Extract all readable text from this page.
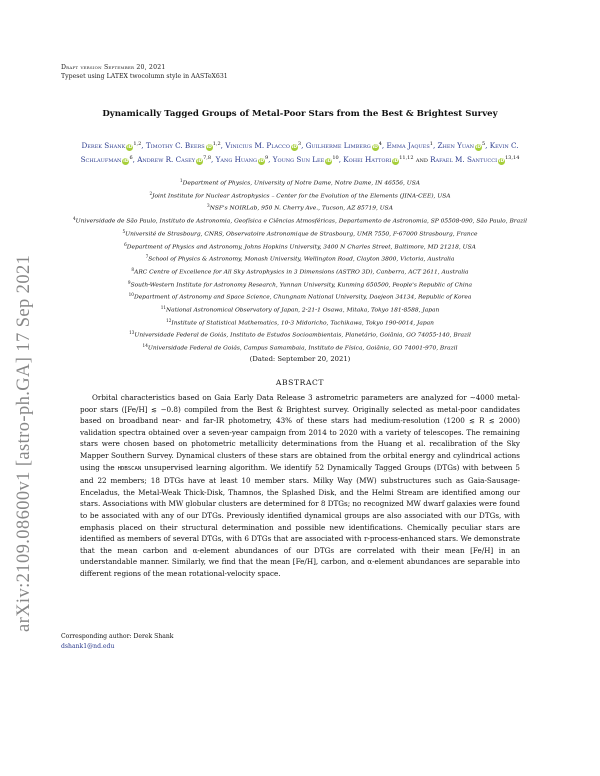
Draft version September 20, 2021
Typeset using LATEX twocolumn style in AASTeX631
arXiv:2109.08600v1 [astro-ph.GA] 17 Sep 2021
Dynamically Tagged Groups of Metal-Poor Stars from the Best & Brightest Survey
Derek Shank iD$^{1,2}$, Timothy C. Beers iD$^{1,2}$, Vinicius M. Placco $iD^3$, Guilherme Limberg $iD^4$, Emma Jaques$^1$, Zhen Yuan $iD^5$, Kevin C. Schlaufman $iD^6$, Andrew R. Casey iD$^{7,8}$, Yang Huang $iD^9$, Young Sun Lee $iD^{10}$, Kohei Hattori iD$^{11,12}$ and Rafael M. Santucci iD$^{13,14}$
$^1$Department of Physics, University of Notre Dame, Notre Dame, IN 46556, USA
$^2$Joint Institute for Nuclear Astrophysics – Center for the Evolution of the Elements (JINA-CEE), USA
$^3$NSF's NOIRLab, 950 N. Cherry Ave., Tucson, AZ 85719, USA
$^4$Universidade de São Paulo, Instituto de Astronomia, Geofísica e Ciências Atmosféricas, Departamento de Astronomia, SP 05508-090, São Paulo, Brazil
$^5$Université de Strasbourg, CNRS, Observatoire Astronomique de Strasbourg, UMR 7550, F-67000 Strasbourg, France
$^6$Department of Physics and Astronomy, Johns Hopkins University, 3400 N Charles Street, Baltimore, MD 21218, USA
$^7$School of Physics & Astronomy, Monash University, Wellington Road, Clayton 3800, Victoria, Australia
$^8$ARC Centre of Excellence for All Sky Astrophysics in 3 Dimensions (ASTRO 3D), Canberra, ACT 2611, Australia
$^9$South-Western Institute for Astronomy Research, Yunnan University, Kunming 650500, People's Republic of China
$^{10}$Department of Astronomy and Space Science, Chungnam National University, Daejeon 34134, Republic of Korea
$^{11}$National Astronomical Observatory of Japan, 2-21-1 Osawa, Mitaka, Tokyo 181-8588, Japan
$^{12}$Institute of Statistical Mathematics, 10-3 Midoricho, Tachikawa, Tokyo 190-0014, Japan
$^{13}$Universidade Federal de Goiás, Instituto de Estudos Socioambientais, Planetário, Goiânia, GO 74055-140, Brazil
$^{14}$Universidade Federal de Goiás, Campus Samambaia, Instituto de Física, Goiânia, GO 74001-970, Brazil
(Dated: September 20, 2021)
ABSTRACT
Orbital characteristics based on Gaia Early Data Release 3 astrometric parameters are analyzed for ∼4000 metal-poor stars ([Fe/H] ≲ −0.8) compiled from the Best & Brightest survey. Originally selected as metal-poor candidates based on broadband near- and far-IR photometry, 43% of these stars had medium-resolution (1200 ≲ R ≲ 2000) validation spectra obtained over a seven-year campaign from 2014 to 2020 with a variety of telescopes. The remaining stars were chosen based on photometric metallicity determinations from the Huang et al. recalibration of the Sky Mapper Southern Survey. Dynamical clusters of these stars are obtained from the orbital energy and cylindrical actions using the HDBSCAN unsupervised learning algorithm. We identify 52 Dynamically Tagged Groups (DTGs) with between 5 and 22 members; 18 DTGs have at least 10 member stars. Milky Way (MW) substructures such as Gaia-Sausage-Enceladus, the Metal-Weak Thick-Disk, Thamnos, the Splashed Disk, and the Helmi Stream are identified among our stars. Associations with MW globular clusters are determined for 8 DTGs; no recognized MW dwarf galaxies were found to be associated with any of our DTGs. Previously identified dynamical groups are also associated with our DTGs, with emphasis placed on their structural determination and possible new identifications. Chemically peculiar stars are identified as members of several DTGs, with 6 DTGs that are associated with r-process-enhanced stars. We demonstrate that the mean carbon and α-element abundances of our DTGs are correlated with their mean [Fe/H] in an understandable manner. Similarly, we find that the mean [Fe/H], carbon, and α-element abundances are separable into different regions of the mean rotational-velocity space.
Corresponding author: Derek Shank
dshank1@nd.edu
